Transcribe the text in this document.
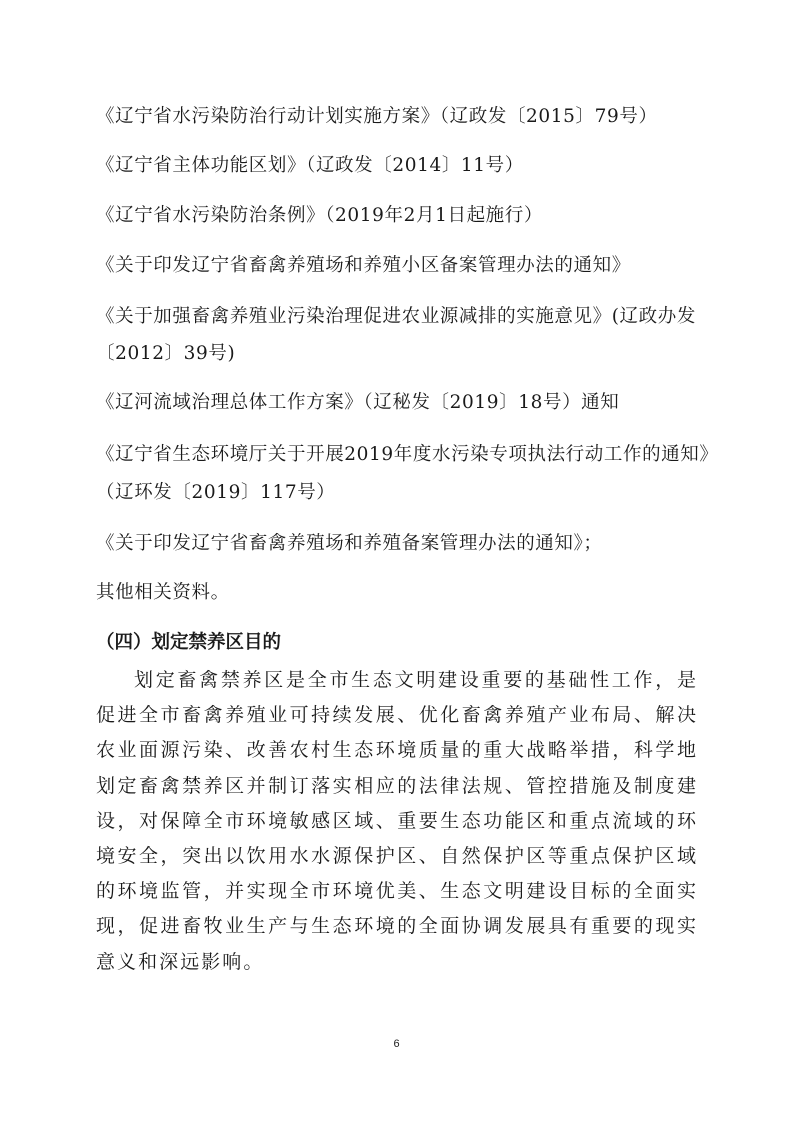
《辽宁省水污染防治行动计划实施方案》（辽政发〔2015〕79号）
《辽宁省主体功能区划》（辽政发〔2014〕11号）
《辽宁省水污染防治条例》（2019年2月1日起施行）
《关于印发辽宁省畜禽养殖场和养殖小区备案管理办法的通知》
《关于加强畜禽养殖业污染治理促进农业源减排的实施意见》(辽政办发
〔2012〕39号)
《辽河流域治理总体工作方案》（辽秘发〔2019〕18号）通知
《辽宁省生态环境厅关于开展2019年度水污染专项执法行动工作的通知》
（辽环发〔2019〕117号）
《关于印发辽宁省畜禽养殖场和养殖备案管理办法的通知》；
其他相关资料。
（四）划定禁养区目的
划定畜禽禁养区是全市生态文明建设重要的基础性工作，是促进全市畜禽养殖业可持续发展、优化畜禽养殖产业布局、解决农业面源污染、改善农村生态环境质量的重大战略举措，科学地划定畜禽禁养区并制订落实相应的法律法规、管控措施及制度建设，对保障全市环境敏感区域、重要生态功能区和重点流域的环境安全，突出以饮用水水源保护区、自然保护区等重点保护区域的环境监管，并实现全市环境优美、生态文明建设目标的全面实现，促进畜牧业生产与生态环境的全面协调发展具有重要的现实意义和深远影响。
6
